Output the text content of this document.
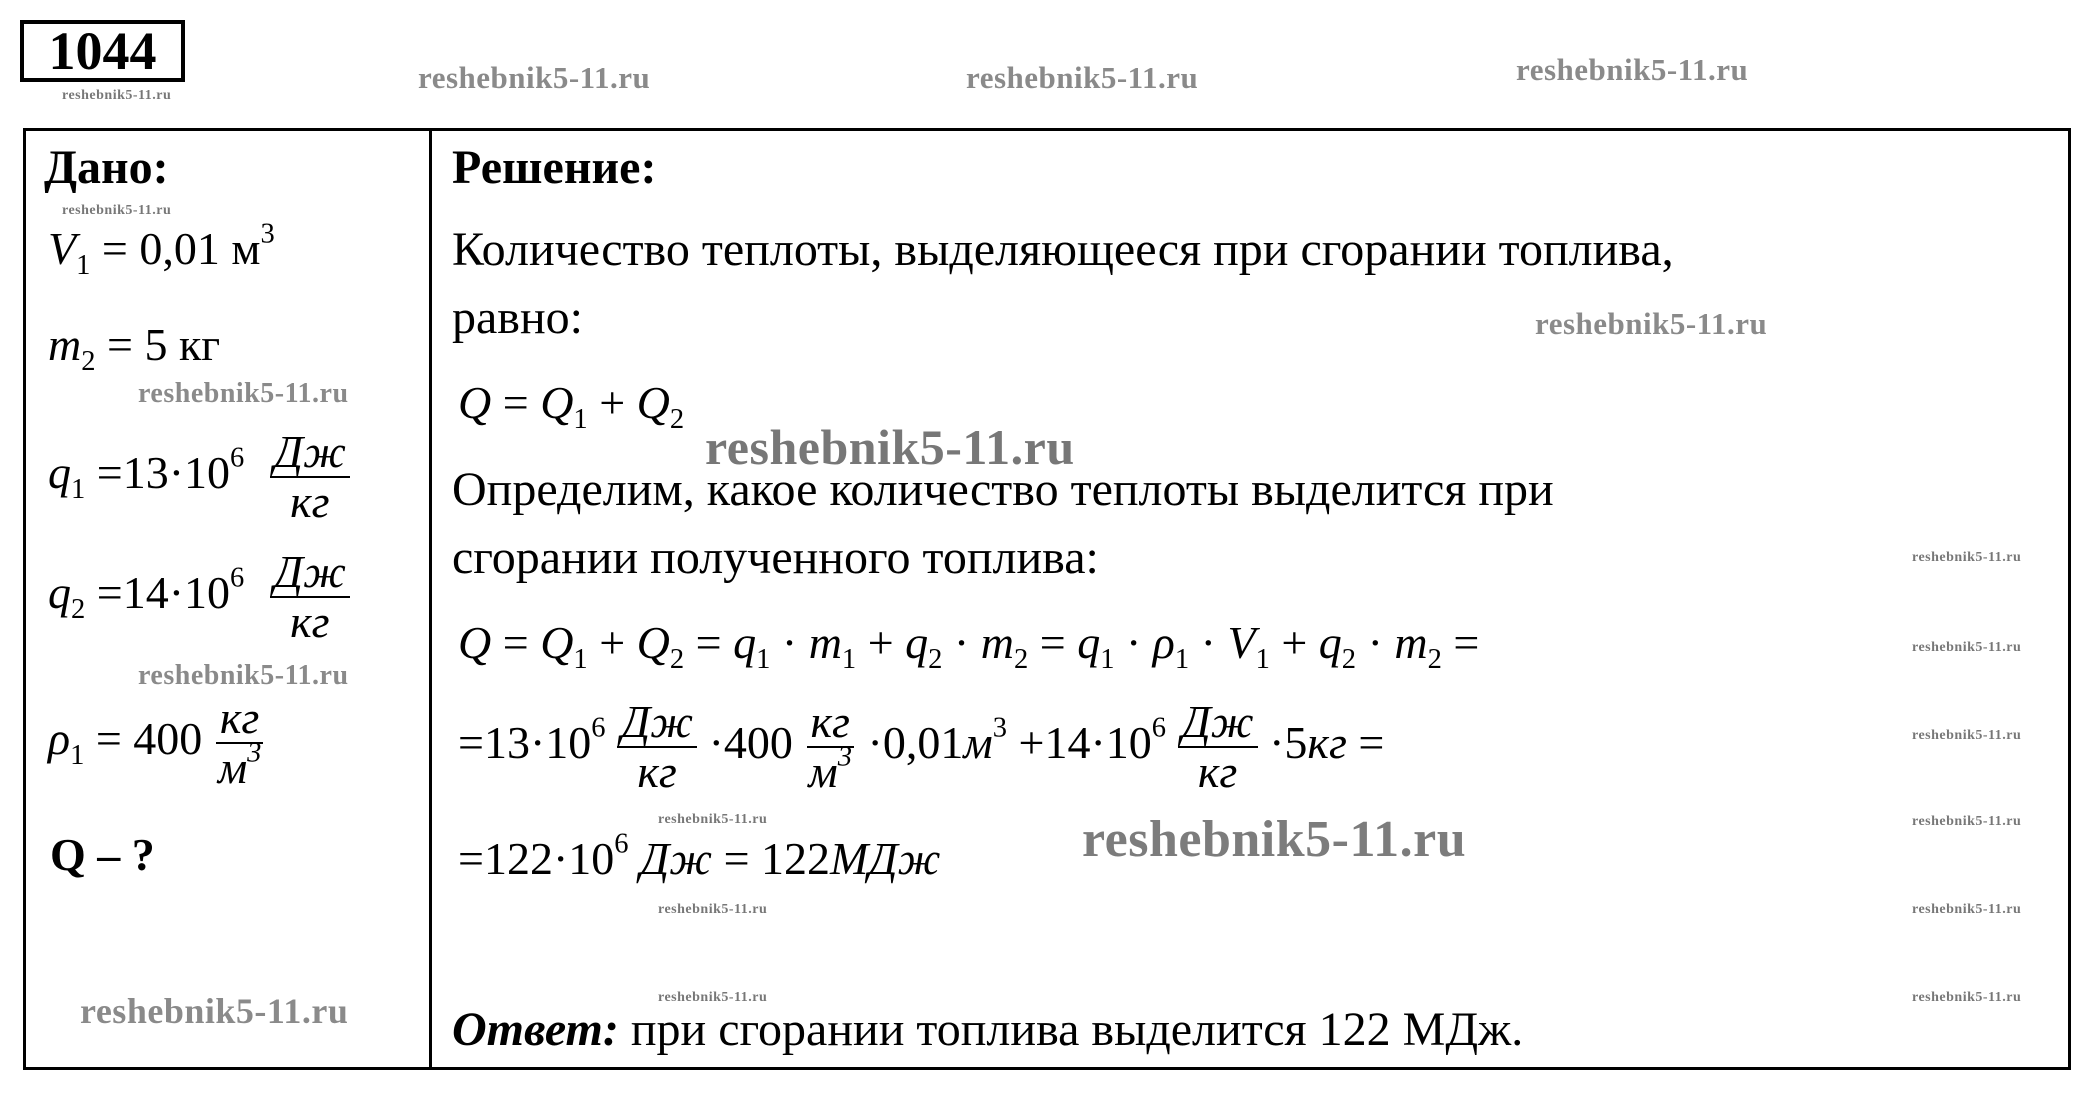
1044
reshebnik5-11.ru
reshebnik5-11.ru	reshebnik5-11.ru	reshebnik5-11.ru
Дано:
reshebnik5-11.ru
$V_1 = 0,01$ $м^3$
$m_2 = 5$ кг
reshebnik5-11.ru
$q_1 =13\cdot 10^6 \frac{Дж}{кг}$
$q_2 =14\cdot 10^6 \frac{Дж}{кг}$
reshebnik5-11.ru
$\rho_1 = 400 \frac{кг}{м^3}$
Q – ?
reshebnik5-11.ru
Решение:
Количество теплоты, выделяющееся при сгорании топлива,
равно:	reshebnik5-11.ru
$Q = Q_1 + Q_2$ reshebnik5-11.ru
Определим, какое количество теплоты выделится при
сгорании полученного топлива:	reshebnik5-11.ru
$Q = Q_1 + Q_2 = q_1 \cdot m_1 + q_2 \cdot m_2 = q_1 \cdot \rho_1 \cdot V_1 + q_2 \cdot m_2$ =	reshebnik5-11.ru
$=13\cdot 10^6 \frac{Дж}{кг} \cdot 400 \frac{кг}{м^3} \cdot 0,01м^3 +14\cdot 10^6 \frac{Дж}{кг} \cdot 5кг$ =	reshebnik5-11.ru
reshebnik5-11.ru	reshebnik5-11.ru
$=122\cdot 10^6$ Дж = 122МДж	reshebnik5-11.ru
reshebnik5-11.ru	reshebnik5-11.ru
reshebnik5-11.ru	reshebnik5-11.ru
Ответ: при сгорании топлива выделится 122 МДж.
